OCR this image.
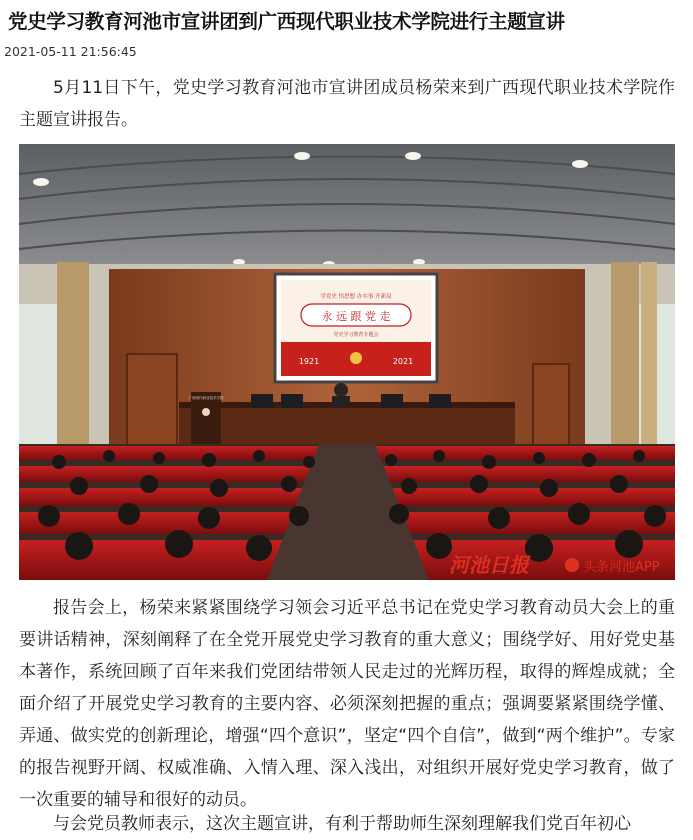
党史学习教育河池市宣讲团到广西现代职业技术学院进行主题宣讲
2021-05-11 21:56:45

5月11日下午，党史学习教育河池市宣讲团成员杨荣来到广西现代职业技术学院作主题宣讲报告。

学党史 悟思想 办实事 开新局
永 远 跟 党 走
党史学习教育专题会
1921	2021
广西现代职业技术学院
河池日报	头条河池APP

报告会上，杨荣来紧紧围绕学习领会习近平总书记在党史学习教育动员大会上的重要讲话精神，深刻阐释了在全党开展党史学习教育的重大意义；围绕学好、用好党史基本著作，系统回顾了百年来我们党团结带领人民走过的光辉历程，取得的辉煌成就；全面介绍了开展党史学习教育的主要内容、必须深刻把握的重点；强调要紧紧围绕学懂、弄通、做实党的创新理论，增强“四个意识”，坚定“四个自信”，做到“两个维护”。专家的报告视野开阔、权威准确、入情入理、深入浅出，对组织开展好党史学习教育，做了一次重要的辅导和很好的动员。

与会党员教师表示，这次主题宣讲，有利于帮助师生深刻理解我们党百年初心
